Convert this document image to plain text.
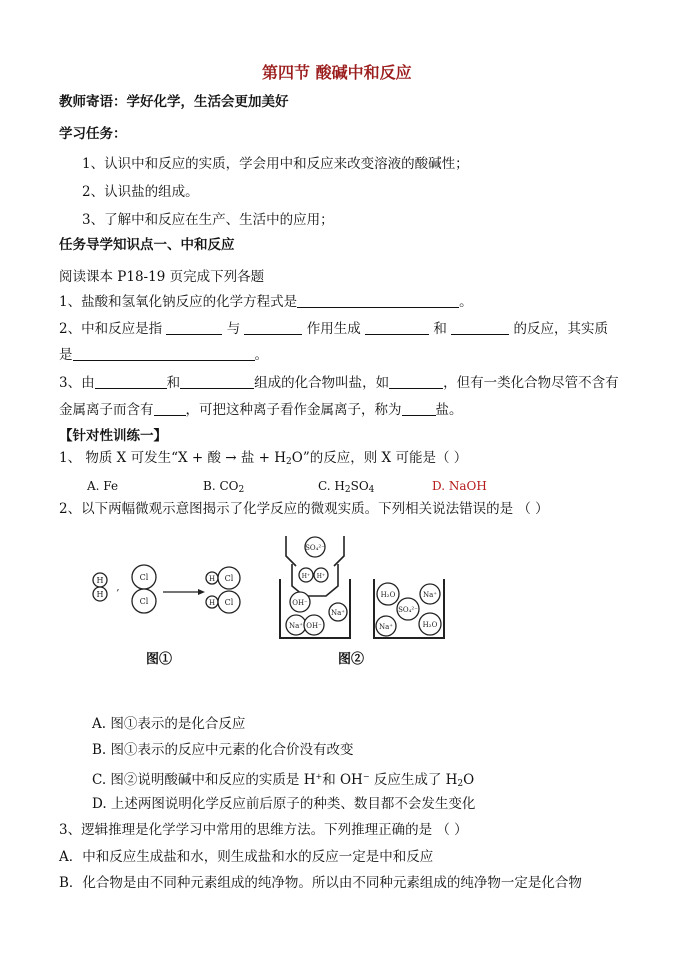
第四节 酸碱中和反应
教师寄语：学好化学，生活会更加美好
学习任务：
1、认识中和反应的实质，学会用中和反应来改变溶液的酸碱性；
2、认识盐的组成。
3、了解中和反应在生产、生活中的应用；
任务导学知识点一、中和反应
阅读课本 P18-19 页完成下列各题
1、盐酸和氢氧化钠反应的化学方程式是	。
2、中和反应是指	与	作用生成	和	的反应，其实质
是	。
3、由	和	组成的化合物叫盐，如	，但有一类化合物尽管不含有
金属离子而含有 ，可把这种离子看作金属离子，称为	盐。
【针对性训练一】
1、 物质 X 可发生“X + 酸 → 盐 + $H_2O$”的反应，则 X 可能是（ ）
A. Fe	B. $CO_2$	C. $H_2SO_4$	D. NaOH
2、以下两幅微观示意图揭示了化学反应的微观实质。下列相关说法错误的是 （ ）
H
H
,
Cl
Cl
H Cl
H Cl
图①
SO₄²⁻
H⁺ H⁺
OH⁻
Na⁺
Na⁺ OH⁻
H₂O	Na⁺
SO₄²⁻
Na⁺	H₂O
图②
A. 图①表示的是化合反应
B. 图①表示的反应中元素的化合价没有改变
C. 图②说明酸碱中和反应的实质是 H+和 OH− 反应生成了 $H_2O$
D. 上述两图说明化学反应前后原子的种类、数目都不会发生变化
3、逻辑推理是化学学习中常用的思维方法。下列推理正确的是 （ ）
A．中和反应生成盐和水，则生成盐和水的反应一定是中和反应
B．化合物是由不同种元素组成的纯净物。所以由不同种元素组成的纯净物一定是化合物
